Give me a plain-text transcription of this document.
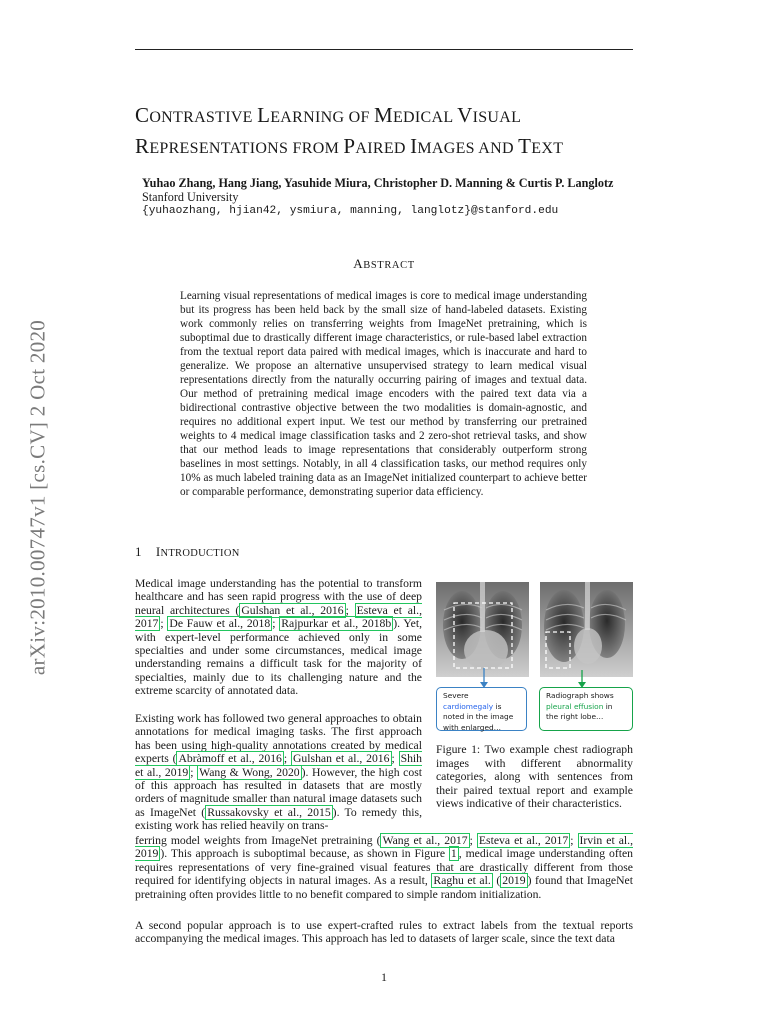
arXiv:2010.00747v1 [cs.CV] 2 Oct 2020
CONTRASTIVE LEARNING OF MEDICAL VISUAL
REPRESENTATIONS FROM PAIRED IMAGES AND TEXT
Yuhao Zhang, Hang Jiang, Yasuhide Miura, Christopher D. Manning & Curtis P. Langlotz
Stanford University
{yuhaozhang, hjian42, ysmiura, manning, langlotz}@stanford.edu
ABSTRACT
Learning visual representations of medical images is core to medical image understanding but its progress has been held back by the small size of hand-labeled datasets. Existing work commonly relies on transferring weights from ImageNet pretraining, which is suboptimal due to drastically different image characteristics, or rule-based label extraction from the textual report data paired with medical images, which is inaccurate and hard to generalize. We propose an alternative unsupervised strategy to learn medical visual representations directly from the naturally occurring pairing of images and textual data. Our method of pretraining medical image encoders with the paired text data via a bidirectional contrastive objective between the two modalities is domain-agnostic, and requires no additional expert input. We test our method by transferring our pretrained weights to 4 medical image classification tasks and 2 zero-shot retrieval tasks, and show that our method leads to image representations that considerably outperform strong baselines in most settings. Notably, in all 4 classification tasks, our method requires only 10% as much labeled training data as an ImageNet initialized counterpart to achieve better or comparable performance, demonstrating superior data efficiency.
1 INTRODUCTION
Medical image understanding has the potential to transform healthcare and has seen rapid progress with the use of deep neural architectures ( Gulshan et al., 2016 ; Esteva et al., 2017 ; De Fauw et al., 2018 ; Rajpurkar et al., 2018b ). Yet, with expert-level performance achieved only in some specialties and under some circumstances, medical image understanding remains a difficult task for the majority of specialties, mainly due to its challenging nature and the extreme scarcity of annotated data.
Existing work has followed two general approaches to obtain annotations for medical imaging tasks. The first approach has been using high-quality annotations created by medical experts ( Abràmoff et al., 2016 ; Gulshan et al., 2016 ; Shih et al., 2019 ; Wang & Wong, 2020 ). However, the high cost of this approach has resulted in datasets that are mostly orders of magnitude smaller than natural image datasets such as ImageNet ( Russakovsky et al., 2015 ). To remedy this, existing work has relied heavily on trans-
ferring model weights from ImageNet pretraining ( Wang et al., 2017 ; Esteva et al., 2017 ; Irvin et al., 2019 ). This approach is suboptimal because, as shown in Figure 1 , medical image understanding often requires representations of very fine-grained visual features that are drastically different from those required for identifying objects in natural images. As a result, Raghu et al. ( 2019 ) found that ImageNet pretraining often provides little to no benefit compared to simple random initialization.
A second popular approach is to use expert-crafted rules to extract labels from the textual reports accompanying the medical images. This approach has led to datasets of larger scale, since the text data
Severe cardiomegaly is noted in the image with enlarged…
Radiograph shows pleural effusion in the right lobe…
Figure 1: Two example chest radiograph images with different abnormality categories, along with sentences from their paired textual report and example views indicative of their characteristics.
1
